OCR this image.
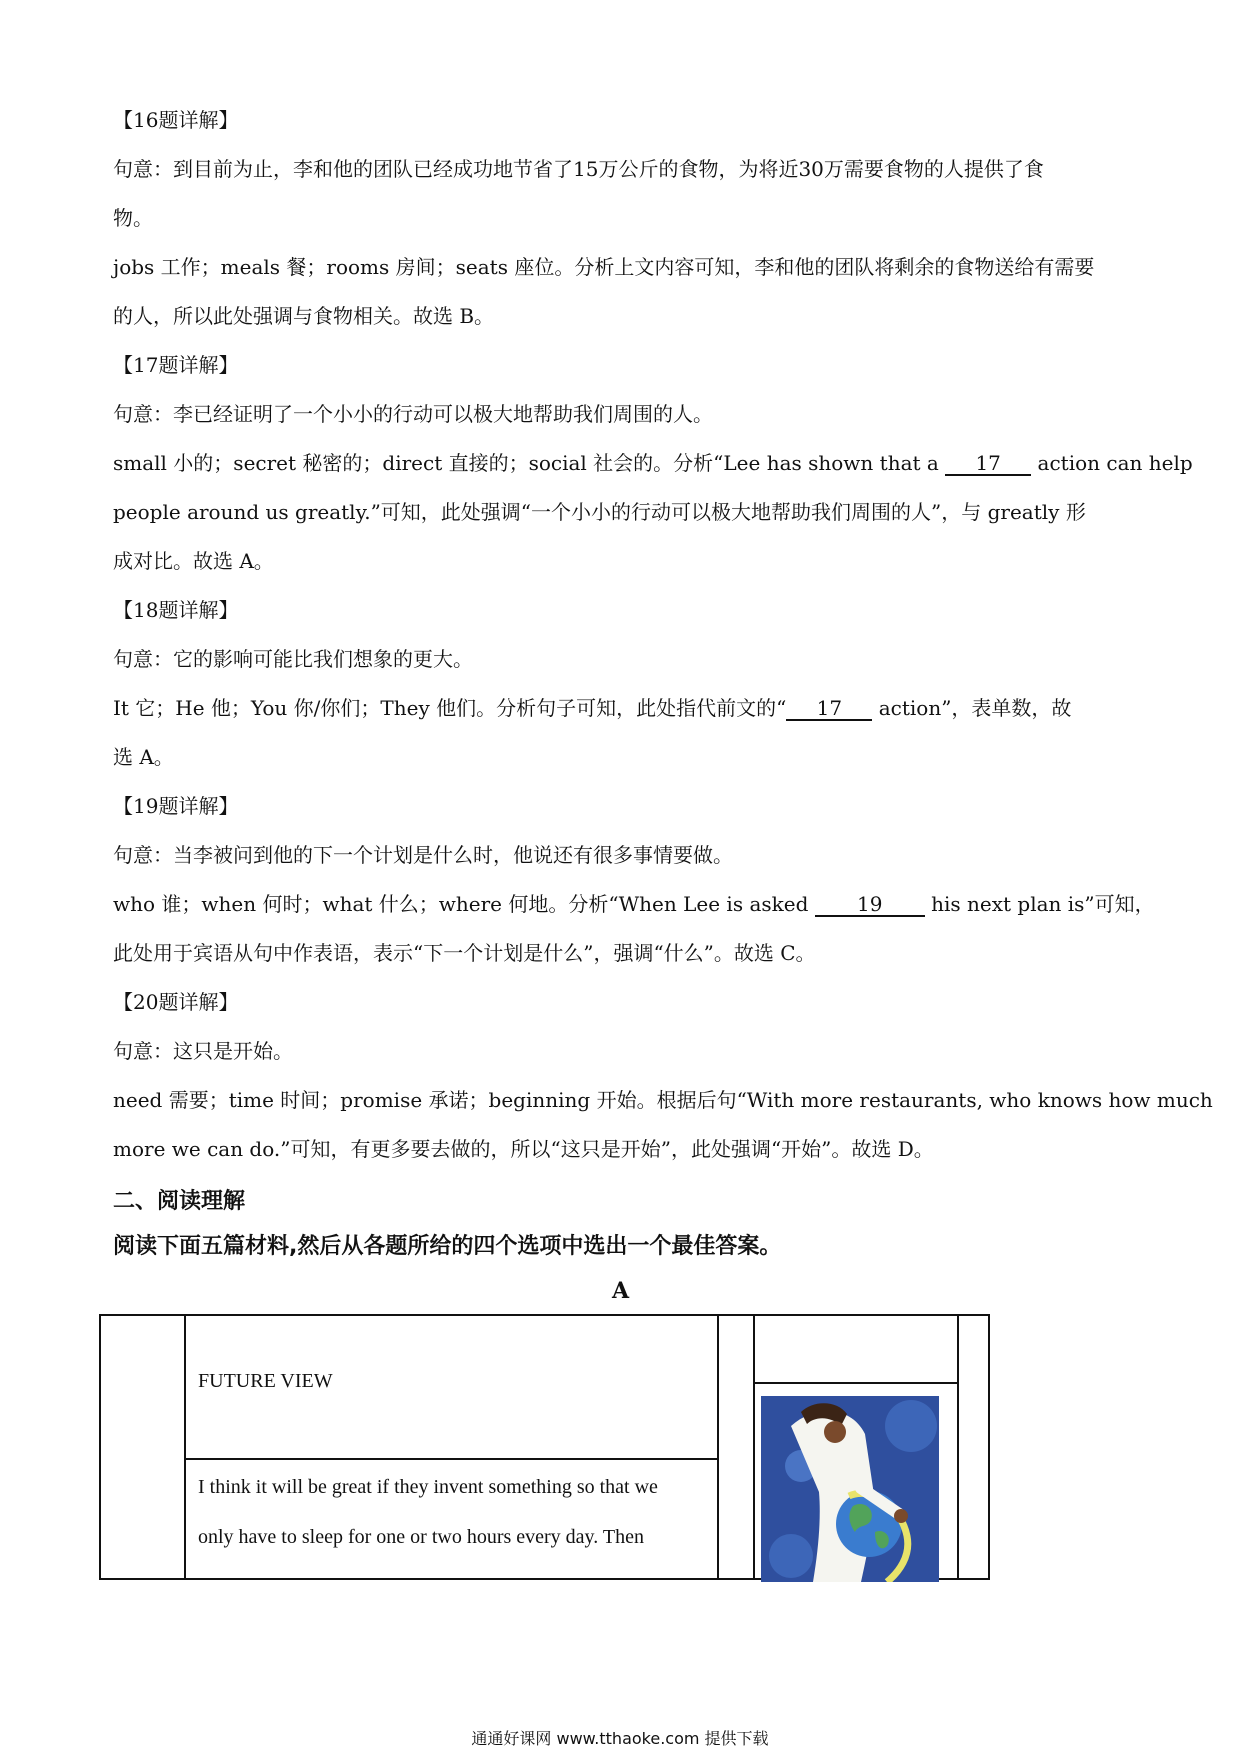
【16题详解】

句意：到目前为止，李和他的团队已经成功地节省了15万公斤的食物，为将近30万需要食物的人提供了食

物。

jobs 工作；meals 餐；rooms 房间；seats 座位。分析上文内容可知，李和他的团队将剩余的食物送给有需要

的人，所以此处强调与食物相关。故选 B。

【17题详解】

句意：李已经证明了一个小小的行动可以极大地帮助我们周围的人。

small 小的；secret 秘密的；direct 直接的；social 社会的。分析“Lee has shown that a 17 action can help

people around us greatly.”可知，此处强调“一个小小的行动可以极大地帮助我们周围的人”，与 greatly 形

成对比。故选 A。

【18题详解】

句意：它的影响可能比我们想象的更大。

It 它；He 他；You 你/你们；They 他们。分析句子可知，此处指代前文的“ 17 action”，表单数，故

选 A。

【19题详解】

句意：当李被问到他的下一个计划是什么时，他说还有很多事情要做。

who 谁；when 何时；what 什么；where 何地。分析“When Lee is asked 19 his next plan is”可知，

此处用于宾语从句中作表语，表示“下一个计划是什么”，强调“什么”。故选 C。

【20题详解】

句意：这只是开始。

need 需要；time 时间；promise 承诺；beginning 开始。根据后句“With more restaurants, who knows how much

more we can do.”可知，有更多要去做的，所以“这只是开始”，此处强调“开始”。故选 D。

二、阅读理解
阅读下面五篇材料,然后从各题所给的四个选项中选出一个最佳答案。
A
FUTURE VIEW
I think it will be great if they invent something so that we
only have to sleep for one or two hours every day. Then
通通好课网 www.tthaoke.com 提供下载
